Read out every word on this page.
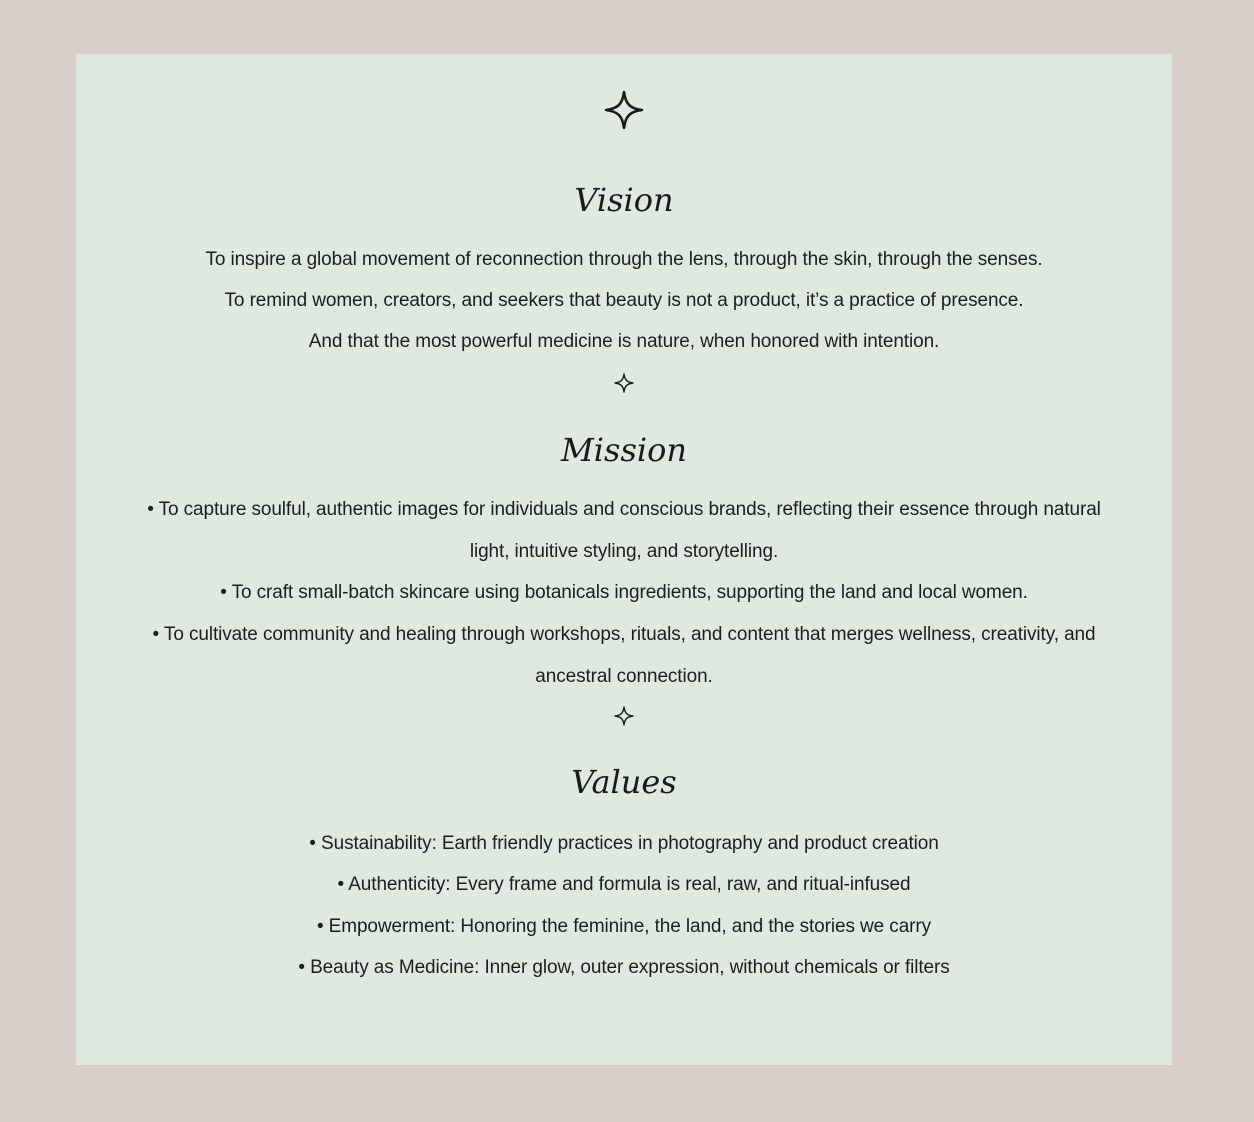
Vision

To inspire a global movement of reconnection through the lens, through the skin, through the senses.

To remind women, creators, and seekers that beauty is not a product, it’s a practice of presence.

And that the most powerful medicine is nature, when honored with intention.

Mission

• To capture soulful, authentic images for individuals and conscious brands, reflecting their essence through natural

light, intuitive styling, and storytelling.

• To craft small-batch skincare using botanicals ingredients, supporting the land and local women.

• To cultivate community and healing through workshops, rituals, and content that merges wellness, creativity, and

ancestral connection.

Values

• Sustainability: Earth friendly practices in photography and product creation

• Authenticity: Every frame and formula is real, raw, and ritual-infused

• Empowerment: Honoring the feminine, the land, and the stories we carry

• Beauty as Medicine: Inner glow, outer expression, without chemicals or filters
